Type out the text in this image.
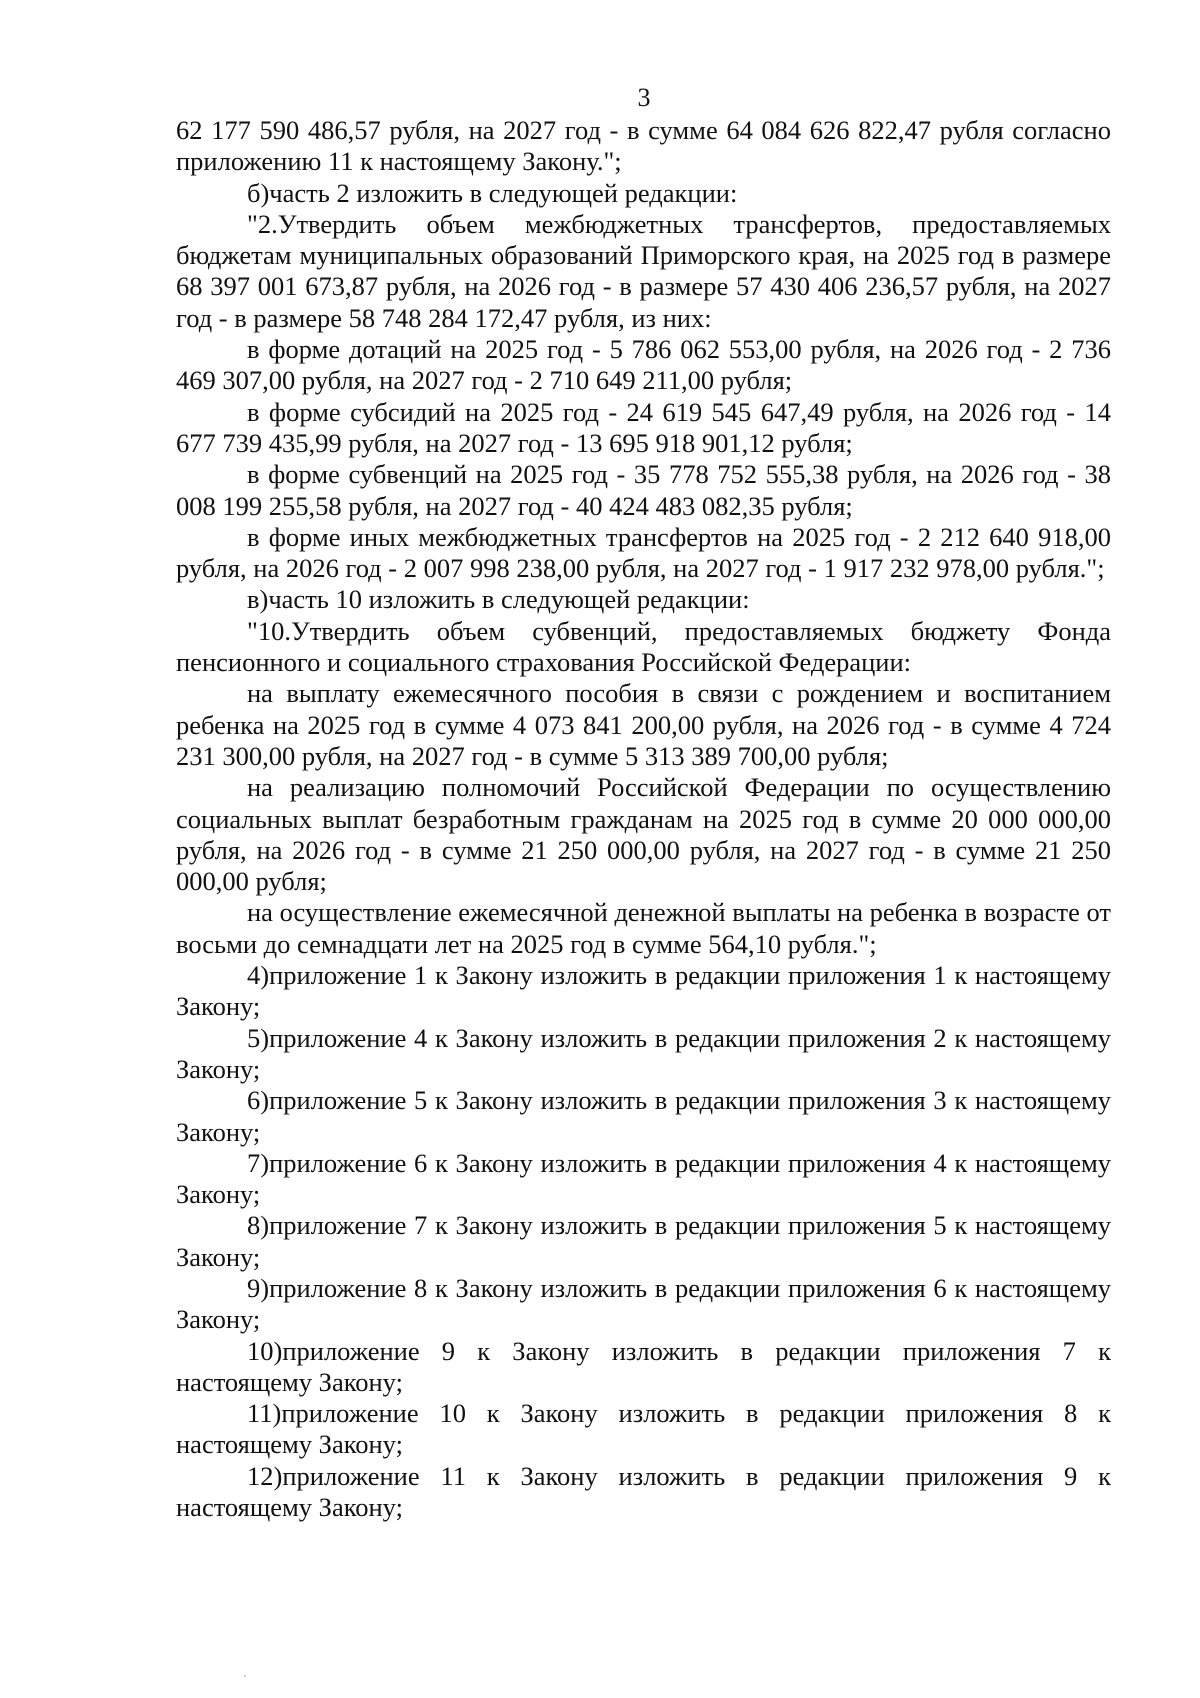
3

62 177 590 486,57 рубля, на 2027 год - в сумме 64 084 626 822,47 рубля согласно приложению 11 к настоящему Закону.";

б)часть 2 изложить в следующей редакции:

"2.Утвердить объем межбюджетных трансфертов, предоставляемых бюджетам муниципальных образований Приморского края, на 2025 год в размере 68 397 001 673,87 рубля, на 2026 год - в размере 57 430 406 236,57 рубля, на 2027 год - в размере 58 748 284 172,47 рубля, из них:

в форме дотаций на 2025 год - 5 786 062 553,00 рубля, на 2026 год - 2 736 469 307,00 рубля, на 2027 год - 2 710 649 211,00 рубля;

в форме субсидий на 2025 год - 24 619 545 647,49 рубля, на 2026 год - 14 677 739 435,99 рубля, на 2027 год - 13 695 918 901,12 рубля;

в форме субвенций на 2025 год - 35 778 752 555,38 рубля, на 2026 год - 38 008 199 255,58 рубля, на 2027 год - 40 424 483 082,35 рубля;

в форме иных межбюджетных трансфертов на 2025 год - 2 212 640 918,00 рубля, на 2026 год - 2 007 998 238,00 рубля, на 2027 год - 1 917 232 978,00 рубля.";

в)часть 10 изложить в следующей редакции:

"10.Утвердить объем субвенций, предоставляемых бюджету Фонда пенсионного и социального страхования Российской Федерации:

на выплату ежемесячного пособия в связи с рождением и воспитанием ребенка на 2025 год в сумме 4 073 841 200,00 рубля, на 2026 год - в сумме 4 724 231 300,00 рубля, на 2027 год - в сумме 5 313 389 700,00 рубля;

на реализацию полномочий Российской Федерации по осуществлению социальных выплат безработным гражданам на 2025 год в сумме 20 000 000,00 рубля, на 2026 год - в сумме 21 250 000,00 рубля, на 2027 год - в сумме 21 250 000,00 рубля;

на осуществление ежемесячной денежной выплаты на ребенка в возрасте от восьми до семнадцати лет на 2025 год в сумме 564,10 рубля.";

4)приложение 1 к Закону изложить в редакции приложения 1 к настоящему Закону;

5)приложение 4 к Закону изложить в редакции приложения 2 к настоящему Закону;

6)приложение 5 к Закону изложить в редакции приложения 3 к настоящему Закону;

7)приложение 6 к Закону изложить в редакции приложения 4 к настоящему Закону;

8)приложение 7 к Закону изложить в редакции приложения 5 к настоящему Закону;

9)приложение 8 к Закону изложить в редакции приложения 6 к настоящему Закону;

10)приложение 9 к Закону изложить в редакции приложения 7 к настоящему Закону;

11)приложение 10 к Закону изложить в редакции приложения 8 к настоящему Закону;

12)приложение 11 к Закону изложить в редакции приложения 9 к настоящему Закону;
